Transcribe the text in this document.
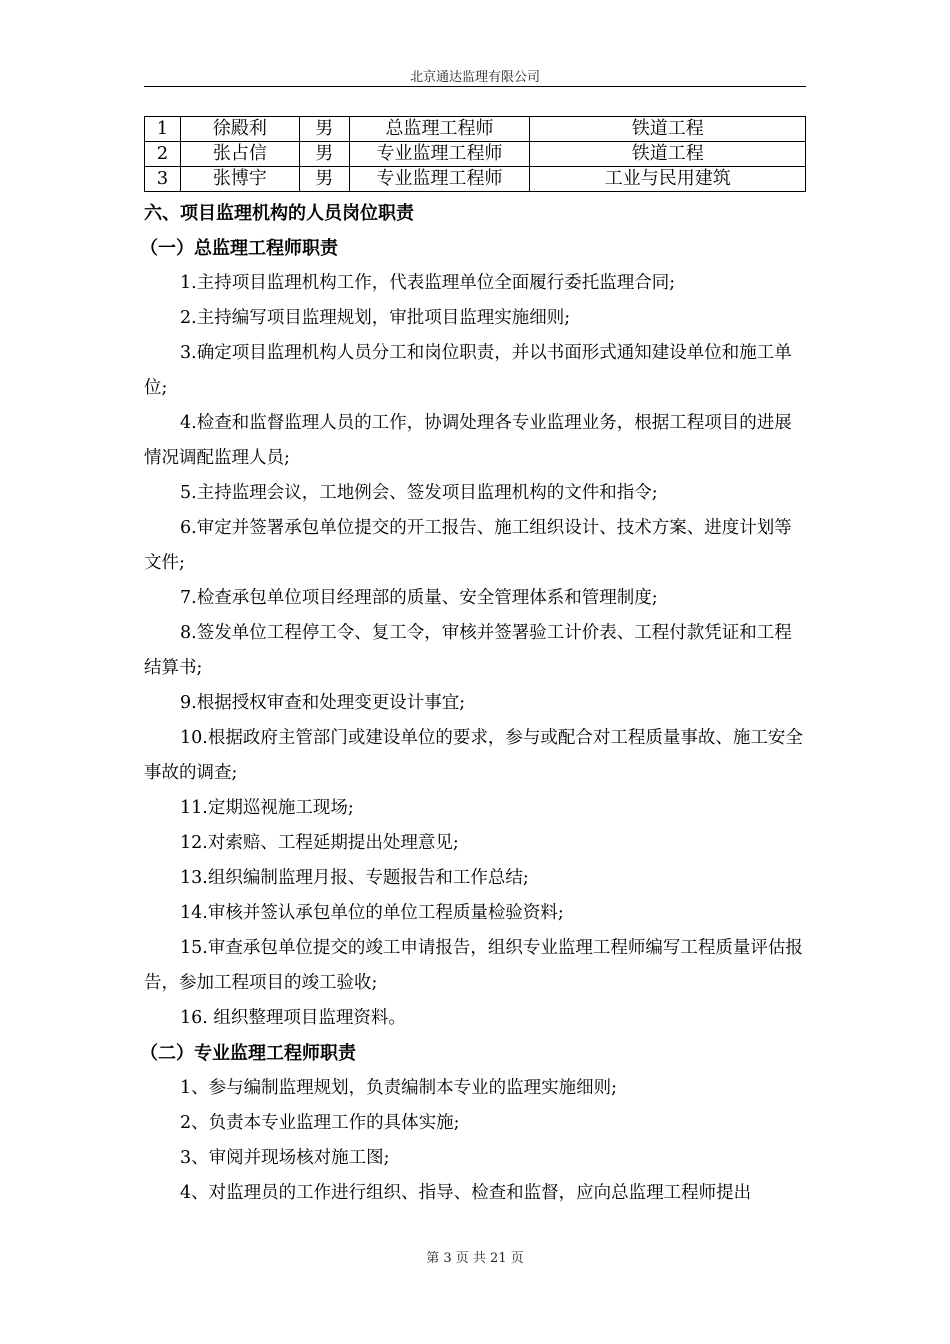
北京通达监理有限公司
1	徐殿利	男	总监理工程师	铁道工程
2	张占信	男	专业监理工程师	铁道工程
3	张博宇	男	专业监理工程师	工业与民用建筑
六、项目监理机构的人员岗位职责
（一）总监理工程师职责

1.主持项目监理机构工作，代表监理单位全面履行委托监理合同;

2.主持编写项目监理规划，审批项目监理实施细则;

3.确定项目监理机构人员分工和岗位职责，并以书面形式通知建设单位和施工单位;

4.检查和监督监理人员的工作，协调处理各专业监理业务，根据工程项目的进展情况调配监理人员;

5.主持监理会议，工地例会、签发项目监理机构的文件和指令;

6.审定并签署承包单位提交的开工报告、施工组织设计、技术方案、进度计划等文件;

7.检查承包单位项目经理部的质量、安全管理体系和管理制度;

8.签发单位工程停工令、复工令，审核并签署验工计价表、工程付款凭证和工程结算书;

9.根据授权审查和处理变更设计事宜;

10.根据政府主管部门或建设单位的要求，参与或配合对工程质量事故、施工安全事故的调查;

11.定期巡视施工现场;

12.对索赔、工程延期提出处理意见;

13.组织编制监理月报、专题报告和工作总结;

14.审核并签认承包单位的单位工程质量检验资料;

15.审查承包单位提交的竣工申请报告，组织专业监理工程师编写工程质量评估报告，参加工程项目的竣工验收;

16. 组织整理项目监理资料。

（二）专业监理工程师职责

1、参与编制监理规划，负责编制本专业的监理实施细则;

2、负责本专业监理工作的具体实施;

3、审阅并现场核对施工图;

4、对监理员的工作进行组织、指导、检查和监督，应向总监理工程师提出

第 3 页 共 21 页
